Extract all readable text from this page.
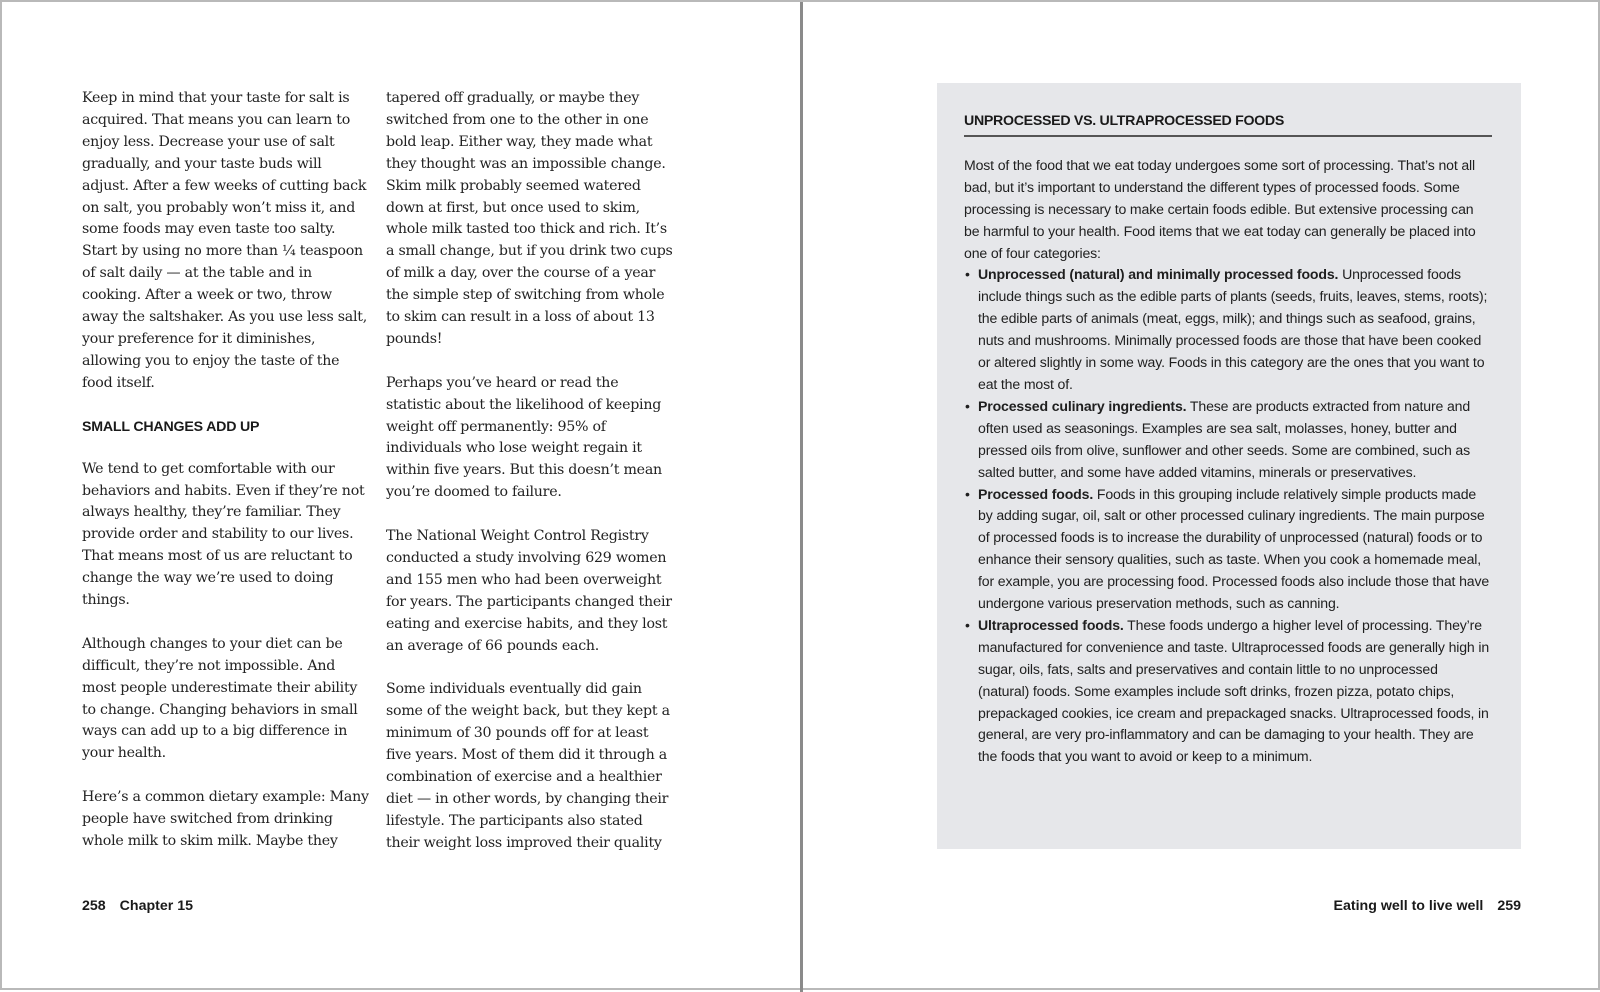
Keep in mind that your taste for salt is acquired. That means you can learn to enjoy less. Decrease your use of salt gradually, and your taste buds will adjust. After a few weeks of cutting back on salt, you probably won’t miss it, and some foods may even taste too salty. Start by using no more than ¼ teaspoon of salt daily — at the table and in cooking. After a week or two, throw away the saltshaker. As you use less salt, your preference for it diminishes, allowing you to enjoy the taste of the food itself.

SMALL CHANGES ADD UP

We tend to get comfortable with our behaviors and habits. Even if they’re not always healthy, they’re familiar. They provide order and stability to our lives. That means most of us are reluctant to change the way we’re used to doing things.

Although changes to your diet can be difficult, they’re not impossible. And most people underestimate their ability to change. Changing behaviors in small ways can add up to a big difference in your health.

Here’s a common dietary example: Many people have switched from drinking whole milk to skim milk. Maybe they

tapered off gradually, or maybe they switched from one to the other in one bold leap. Either way, they made what they thought was an impossible change. Skim milk probably seemed watered down at first, but once used to skim, whole milk tasted too thick and rich. It’s a small change, but if you drink two cups of milk a day, over the course of a year the simple step of switching from whole to skim can result in a loss of about 13 pounds!

Perhaps you’ve heard or read the statistic about the likelihood of keeping weight off permanently: 95% of individuals who lose weight regain it within five years. But this doesn’t mean you’re doomed to failure.

The National Weight Control Registry conducted a study involving 629 women and 155 men who had been overweight for years. The participants changed their eating and exercise habits, and they lost an average of 66 pounds each.

Some individuals eventually did gain some of the weight back, but they kept a minimum of 30 pounds off for at least five years. Most of them did it through a combination of exercise and a healthier diet — in other words, by changing their lifestyle. The participants also stated their weight loss improved their quality

258 Chapter 15
UNPROCESSED VS. ULTRAPROCESSED FOODS

Most of the food that we eat today undergoes some sort of processing. That’s not all bad, but it’s important to understand the different types of processed foods. Some processing is necessary to make certain foods edible. But extensive processing can be harmful to your health. Food items that we eat today can generally be placed into one of four categories:

• Unprocessed (natural) and minimally processed foods. Unprocessed foods include things such as the edible parts of plants (seeds, fruits, leaves, stems, roots); the edible parts of animals (meat, eggs, milk); and things such as seafood, grains, nuts and mushrooms. Minimally processed foods are those that have been cooked or altered slightly in some way. Foods in this category are the ones that you want to eat the most of.
• Processed culinary ingredients. These are products extracted from nature and often used as seasonings. Examples are sea salt, molasses, honey, butter and pressed oils from olive, sunflower and other seeds. Some are combined, such as salted butter, and some have added vitamins, minerals or preservatives.
• Processed foods. Foods in this grouping include relatively simple products made by adding sugar, oil, salt or other processed culinary ingredients. The main purpose of processed foods is to increase the durability of unprocessed (natural) foods or to enhance their sensory qualities, such as taste. When you cook a homemade meal, for example, you are processing food. Processed foods also include those that have undergone various preservation methods, such as canning.
• Ultraprocessed foods. These foods undergo a higher level of processing. They’re manufactured for convenience and taste. Ultraprocessed foods are generally high in sugar, oils, fats, salts and preservatives and contain little to no unprocessed (natural) foods. Some examples include soft drinks, frozen pizza, potato chips, prepackaged cookies, ice cream and prepackaged snacks. Ultraprocessed foods, in general, are very pro-inflammatory and can be damaging to your health. They are the foods that you want to avoid or keep to a minimum.
Eating well to live well 259
